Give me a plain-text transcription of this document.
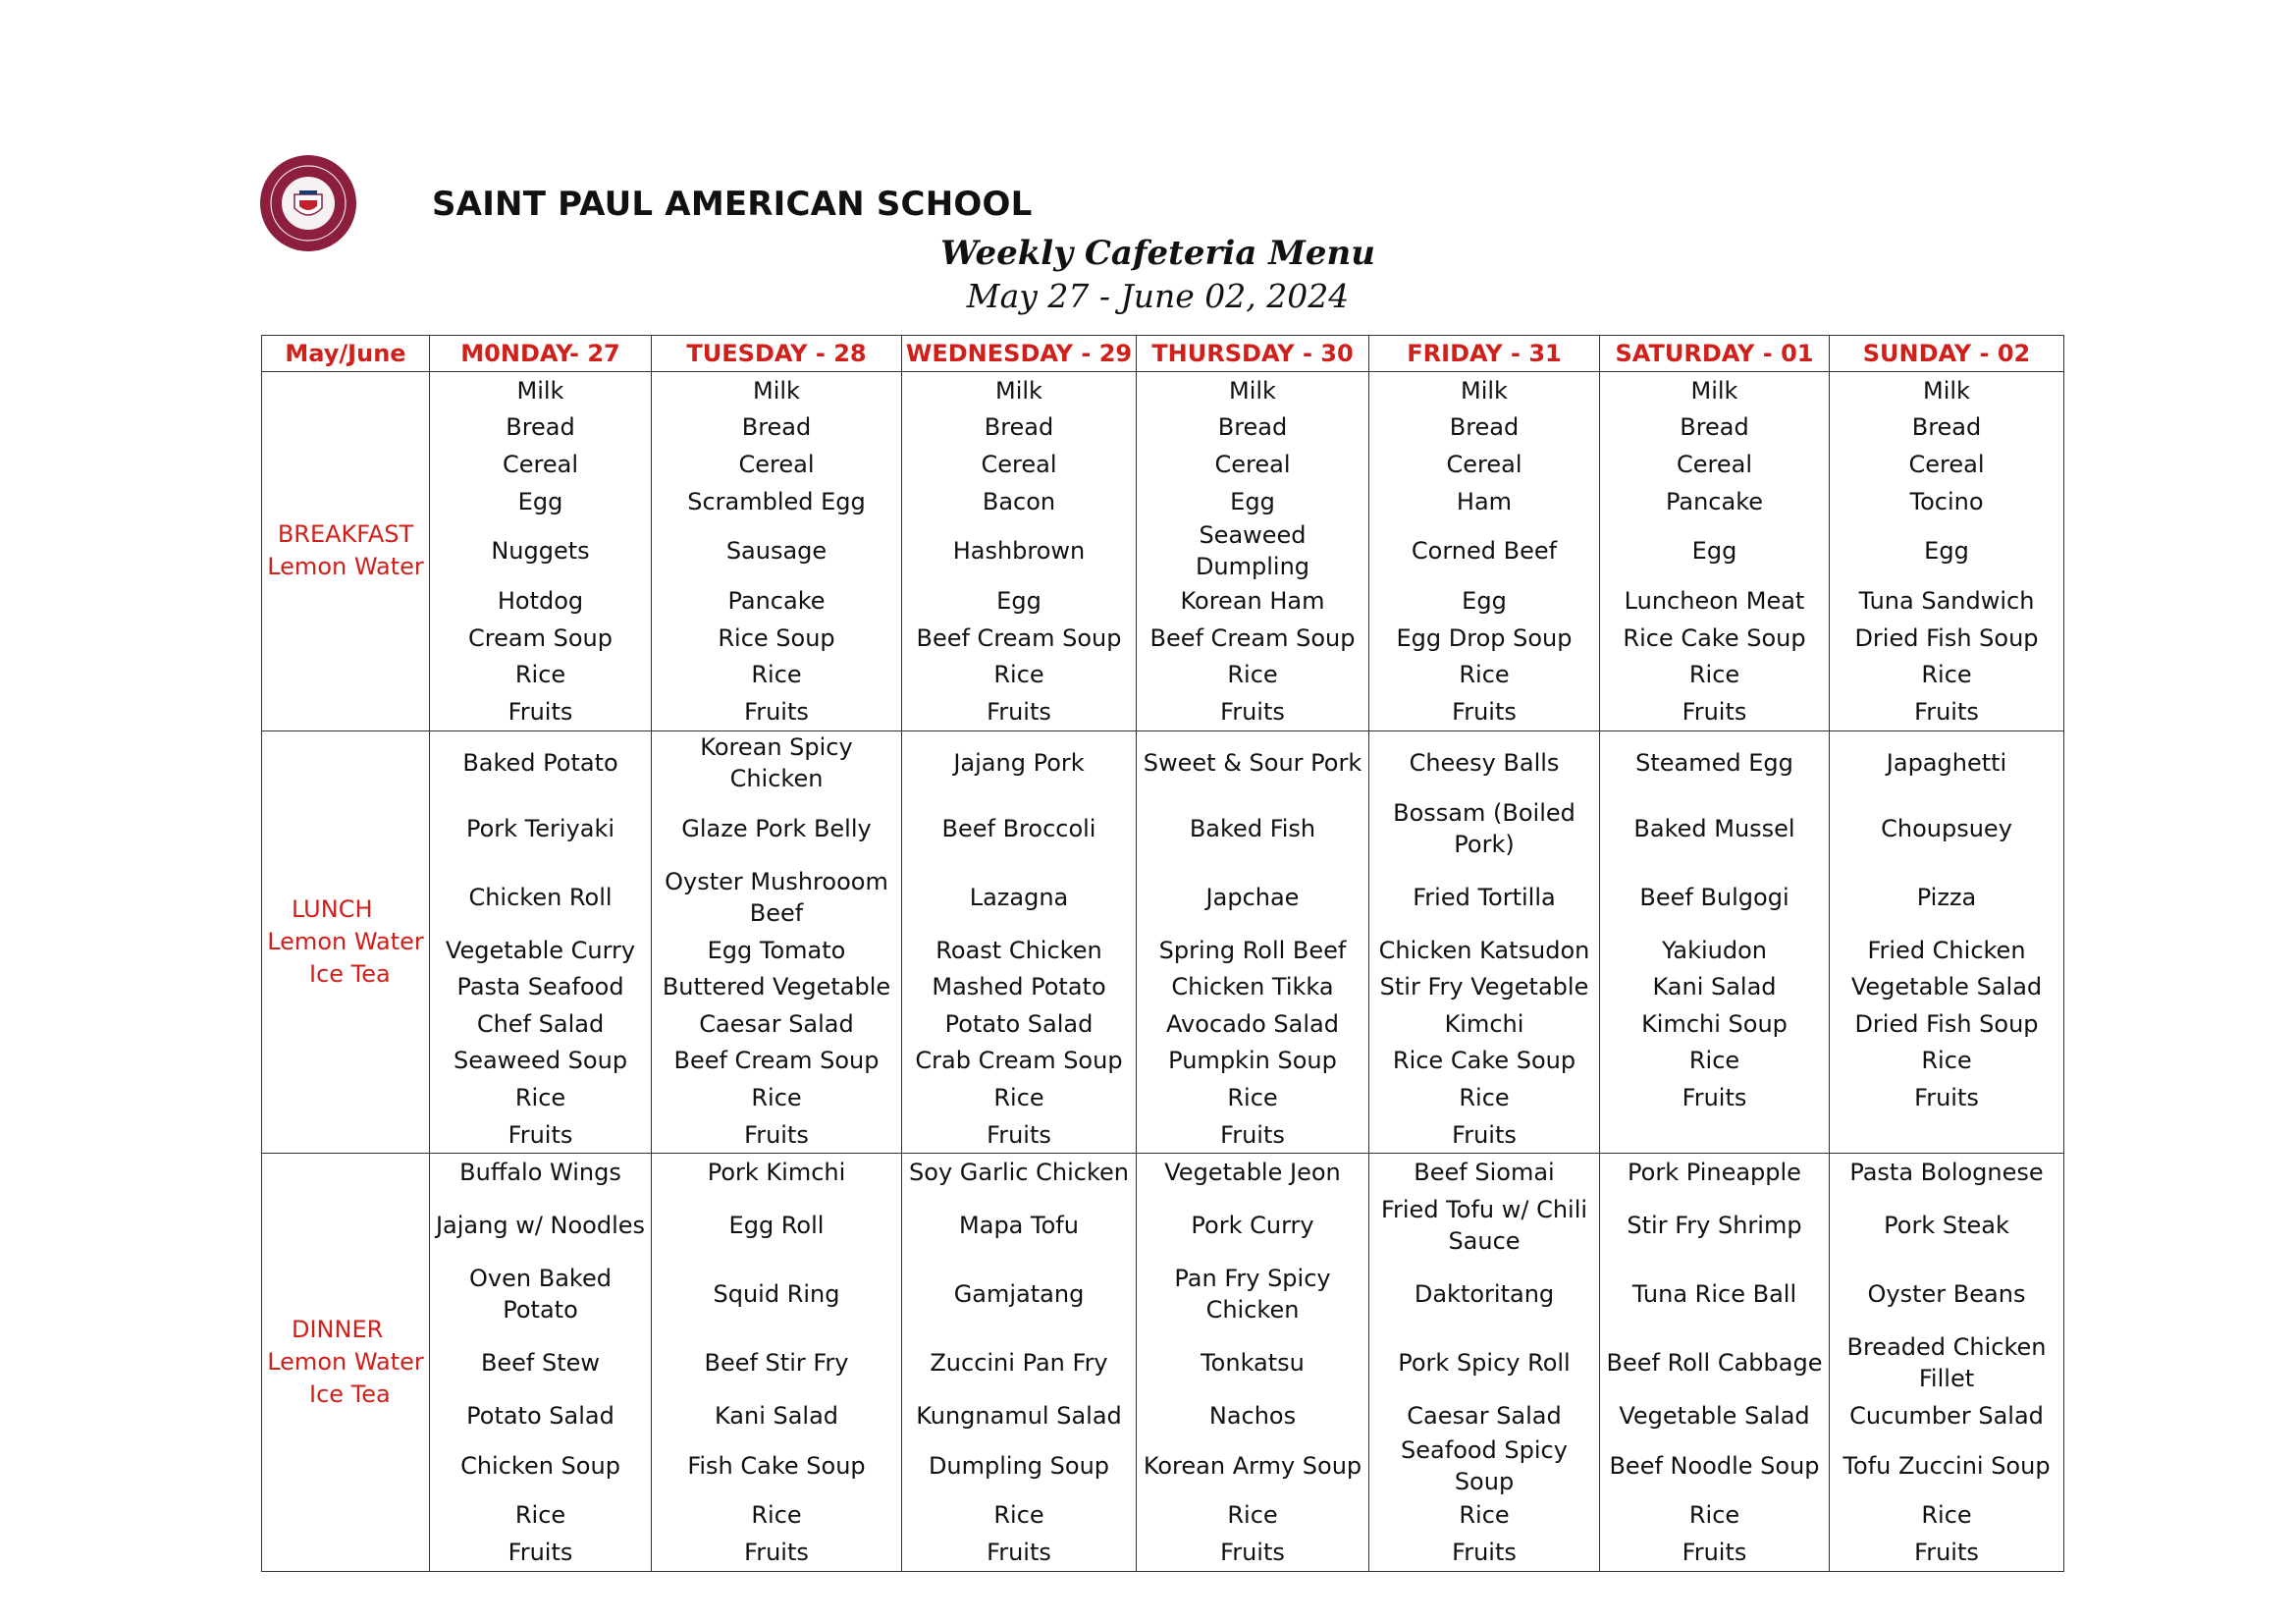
SAINT PAUL AMERICAN SCHOOL
Weekly Cafeteria Menu
May 27 - June 02, 2024
May/June	M0NDAY- 27	TUESDAY - 28	WEDNESDAY - 29	THURSDAY - 30	FRIDAY - 31	SATURDAY - 01	SUNDAY - 02

BREAKFAST
Lemon Water	Milk	Milk	Milk	Milk	Milk	Milk	Milk
	Bread	Bread	Bread	Bread	Bread	Bread	Bread
	Cereal	Cereal	Cereal	Cereal	Cereal	Cereal	Cereal
	Egg	Scrambled Egg	Bacon	Egg	Ham	Pancake	Tocino
	Nuggets	Sausage	Hashbrown	Seaweed Dumpling	Corned Beef	Egg	Egg
	Hotdog	Pancake	Egg	Korean Ham	Egg	Luncheon Meat	Tuna Sandwich
	Cream Soup	Rice Soup	Beef Cream Soup	Beef Cream Soup	Egg Drop Soup	Rice Cake Soup	Dried Fish Soup
	Rice	Rice	Rice	Rice	Rice	Rice	Rice
	Fruits	Fruits	Fruits	Fruits	Fruits	Fruits	Fruits

LUNCH
Lemon Water
Ice Tea	Baked Potato	Korean Spicy Chicken	Jajang Pork	Sweet & Sour Pork	Cheesy Balls	Steamed Egg	Japaghetti
	Pork Teriyaki	Glaze Pork Belly	Beef Broccoli	Baked Fish	Bossam (Boiled Pork)	Baked Mussel	Choupsuey
	Chicken Roll	Oyster Mushrooom Beef	Lazagna	Japchae	Fried Tortilla	Beef Bulgogi	Pizza
	Vegetable Curry	Egg Tomato	Roast Chicken	Spring Roll Beef	Chicken Katsudon	Yakiudon	Fried Chicken
	Pasta Seafood	Buttered Vegetable	Mashed Potato	Chicken Tikka	Stir Fry Vegetable	Kani Salad	Vegetable Salad
	Chef Salad	Caesar Salad	Potato Salad	Avocado Salad	Kimchi	Kimchi Soup	Dried Fish Soup
	Seaweed Soup	Beef Cream Soup	Crab Cream Soup	Pumpkin Soup	Rice Cake Soup	Rice	Rice
	Rice	Rice	Rice	Rice	Rice	Fruits	Fruits
	Fruits	Fruits	Fruits	Fruits	Fruits		

DINNER
Lemon Water
Ice Tea	Buffalo Wings	Pork Kimchi	Soy Garlic Chicken	Vegetable Jeon	Beef Siomai	Pork Pineapple	Pasta Bolognese
	Jajang w/ Noodles	Egg Roll	Mapa Tofu	Pork Curry	Fried Tofu w/ Chili Sauce	Stir Fry Shrimp	Pork Steak
	Oven Baked Potato	Squid Ring	Gamjatang	Pan Fry Spicy Chicken	Daktoritang	Tuna Rice Ball	Oyster Beans
	Beef Stew	Beef Stir Fry	Zuccini Pan Fry	Tonkatsu	Pork Spicy Roll	Beef Roll Cabbage	Breaded Chicken Fillet
	Potato Salad	Kani Salad	Kungnamul Salad	Nachos	Caesar Salad	Vegetable Salad	Cucumber Salad
	Chicken Soup	Fish Cake Soup	Dumpling Soup	Korean Army Soup	Seafood Spicy Soup	Beef Noodle Soup	Tofu Zuccini Soup
	Rice	Rice	Rice	Rice	Rice	Rice	Rice
	Fruits	Fruits	Fruits	Fruits	Fruits	Fruits	Fruits
